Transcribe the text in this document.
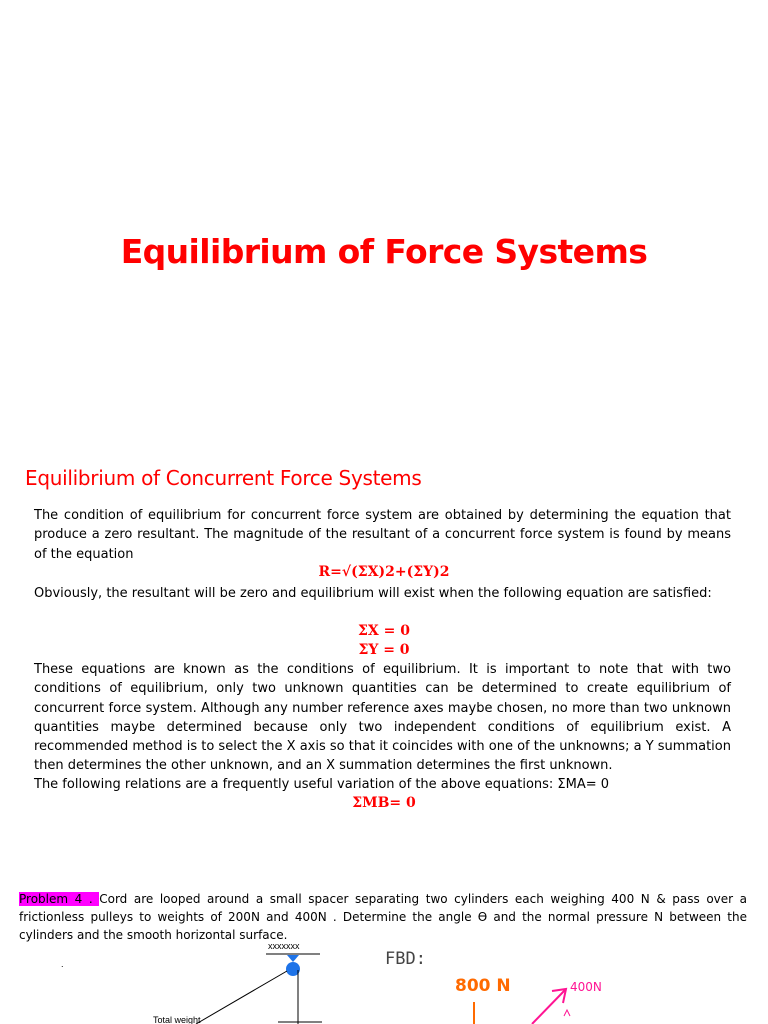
Equilibrium of Force Systems
Equilibrium of Concurrent Force Systems
The condition of equilibrium for concurrent force system are obtained by determining the equation that produce a zero resultant. The magnitude of the resultant of a concurrent force system is found by means of the equation
R=√(ΣX)2+(ΣY)2
Obviously, the resultant will be zero and equilibrium will exist when the following equation are satisfied:
ΣX = 0
ΣY = 0
These equations are known as the conditions of equilibrium. It is important to note that with two conditions of equilibrium, only two unknown quantities can be determined to create equilibrium of concurrent force system. Although any number reference axes maybe chosen, no more than two unknown quantities maybe determined because only two independent conditions of equilibrium exist. A recommended method is to select the X axis so that it coincides with one of the unknowns; a Y summation then determines the other unknown, and an X summation determines the first unknown.
The following relations are a frequently useful variation of the above equations: ΣMA= 0
ΣMB= 0
Problem 4 . Cord are looped around a small spacer separating two cylinders each weighing 400 N & pass over a frictionless pulleys to weights of 200N and 400N . Determine the angle ϴ and the normal pressure N between the cylinders and the smooth horizontal surface.
xxxxxxx
Total weight
.	FBD:
800 N	400N
